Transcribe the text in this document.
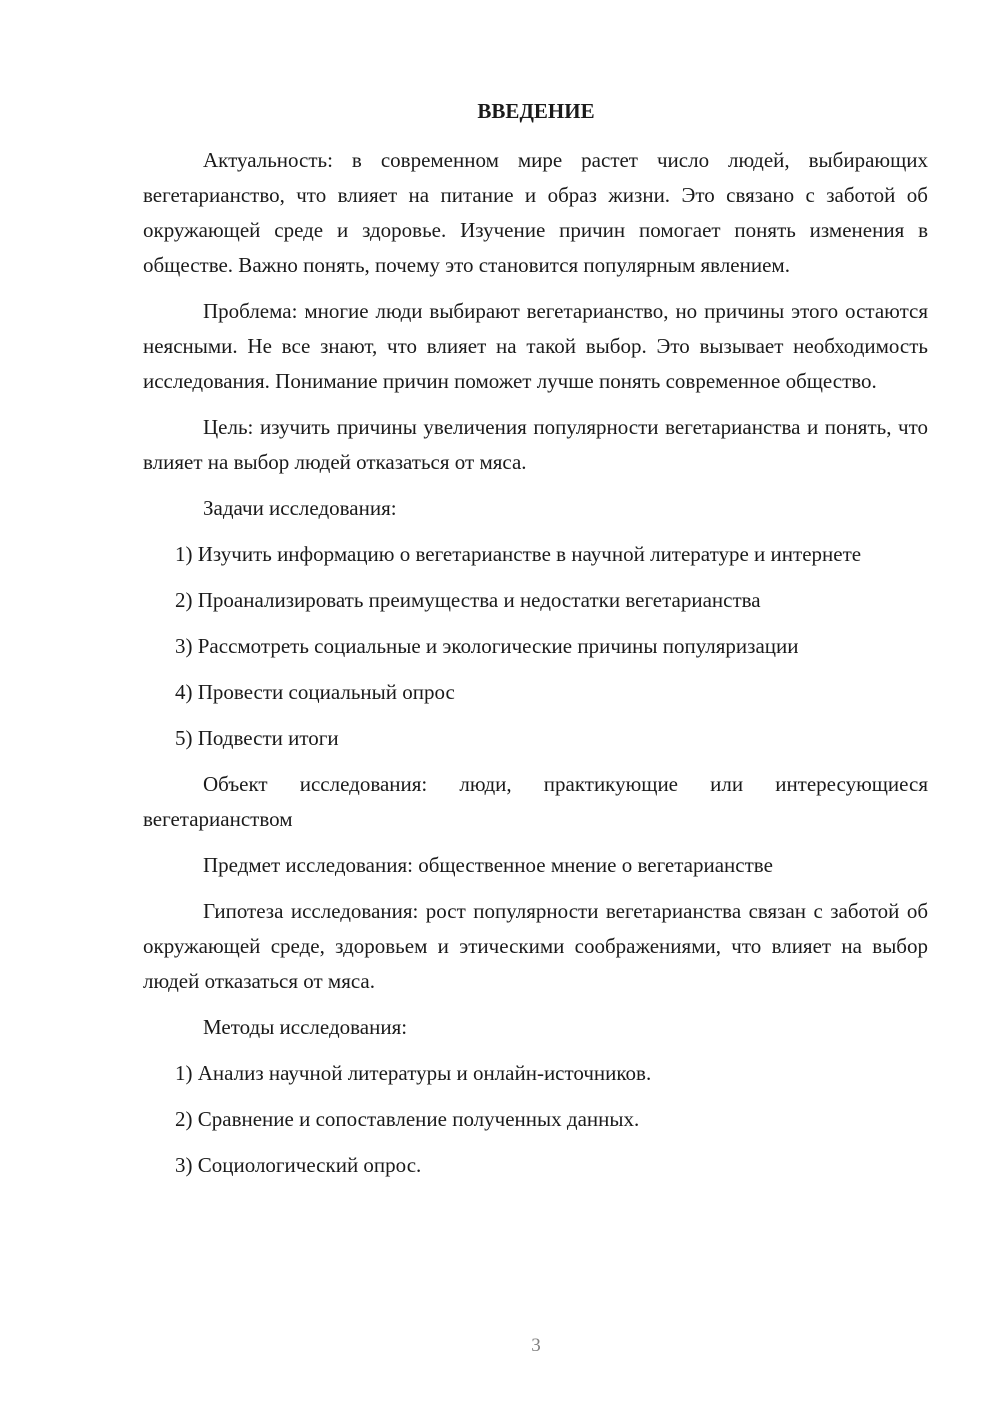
ВВЕДЕНИЕ

Актуальность: в современном мире растет число людей, выбирающих вегетарианство, что влияет на питание и образ жизни. Это связано с заботой об окружающей среде и здоровье. Изучение причин помогает понять изменения в обществе. Важно понять, почему это становится популярным явлением.

Проблема: многие люди выбирают вегетарианство, но причины этого остаются неясными. Не все знают, что влияет на такой выбор. Это вызывает необходимость исследования. Понимание причин поможет лучше понять современное общество.

Цель: изучить причины увеличения популярности вегетарианства и понять, что влияет на выбор людей отказаться от мяса.

Задачи исследования:

1) Изучить информацию о вегетарианстве в научной литературе и интернете

2) Проанализировать преимущества и недостатки вегетарианства

3) Рассмотреть социальные и экологические причины популяризации

4) Провести социальный опрос

5) Подвести итоги

Объект исследования: люди, практикующие или интересующиеся вегетарианством

Предмет исследования: общественное мнение о вегетарианстве

Гипотеза исследования: рост популярности вегетарианства связан с заботой об окружающей среде, здоровьем и этическими соображениями, что влияет на выбор людей отказаться от мяса.

Методы исследования:

1) Анализ научной литературы и онлайн-источников.

2) Сравнение и сопоставление полученных данных.

3) Социологический опрос.

3
